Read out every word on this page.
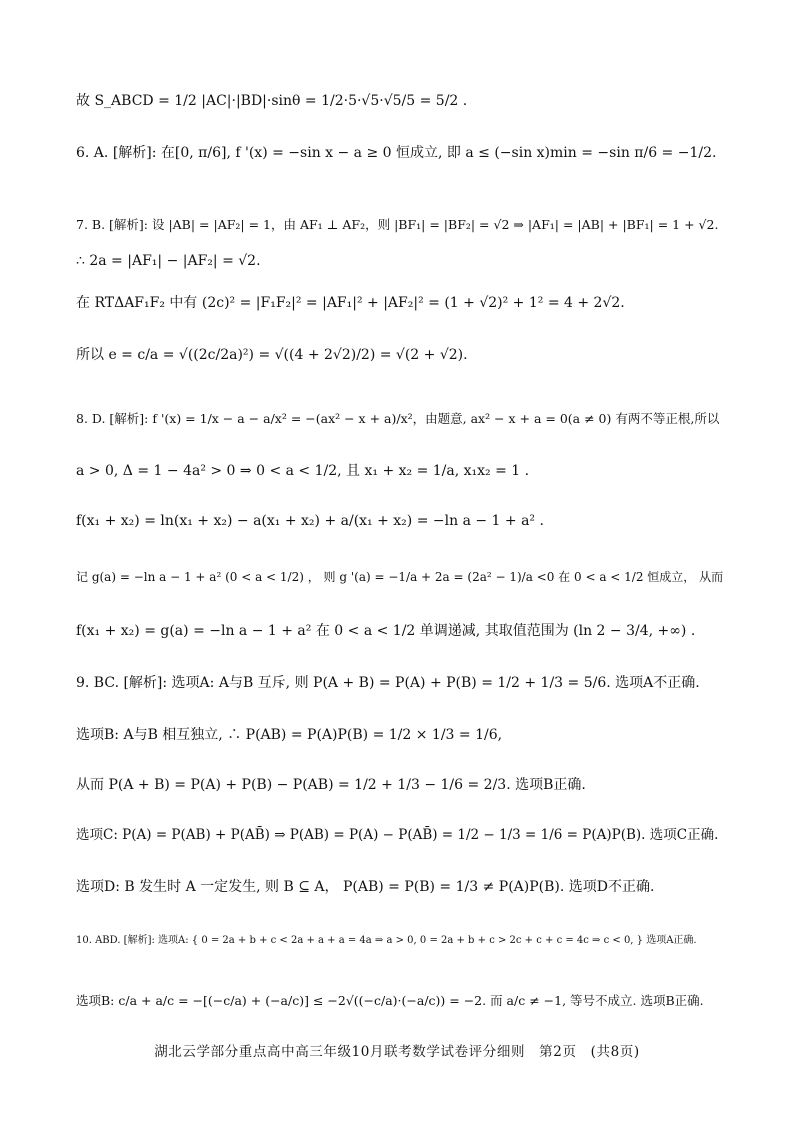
故 S_ABCD = 1/2 |AC|·|BD|·sinθ = 1/2·5·√5·√5/5 = 5/2 .
6. A. [解析]: 在[0, π/6], f '(x) = −sin x − a ≥ 0 恒成立, 即 a ≤ (−sin x)min = −sin π/6 = −1/2.
7. B. [解析]: 设 |AB| = |AF₂| = 1，由 AF₁ ⊥ AF₂，则 |BF₁| = |BF₂| = √2 ⇒ |AF₁| = |AB| + |BF₁| = 1 + √2.
∴ 2a = |AF₁| − |AF₂| = √2.
在 RTΔAF₁F₂ 中有 (2c)² = |F₁F₂|² = |AF₁|² + |AF₂|² = (1 + √2)² + 1² = 4 + 2√2.
所以 e = c/a = √((2c/2a)²) = √((4 + 2√2)/2) = √(2 + √2).
8. D. [解析]: f '(x) = 1/x − a − a/x² = −(ax² − x + a)/x²，由题意, ax² − x + a = 0(a ≠ 0) 有两不等正根,所以
a > 0, Δ = 1 − 4a² > 0 ⇒ 0 < a < 1/2, 且 x₁ + x₂ = 1/a, x₁x₂ = 1 .
f(x₁ + x₂) = ln(x₁ + x₂) − a(x₁ + x₂) + a/(x₁ + x₂) = −ln a − 1 + a² .
记 g(a) = −ln a − 1 + a² (0 < a < 1/2) ， 则 g '(a) = −1/a + 2a = (2a² − 1)/a <0 在 0 < a < 1/2 恒成立， 从而
f(x₁ + x₂) = g(a) = −ln a − 1 + a² 在 0 < a < 1/2 单调递减, 其取值范围为 (ln 2 − 3/4, +∞) .
9. BC. [解析]: 选项A: A与B 互斥, 则 P(A + B) = P(A) + P(B) = 1/2 + 1/3 = 5/6. 选项A不正确.
选项B: A与B 相互独立, ∴ P(AB) = P(A)P(B) = 1/2 × 1/3 = 1/6,
从而 P(A + B) = P(A) + P(B) − P(AB) = 1/2 + 1/3 − 1/6 = 2/3. 选项B正确.
选项C: P(A) = P(AB) + P(AB̄) ⇒ P(AB) = P(A) − P(AB̄) = 1/2 − 1/3 = 1/6 = P(A)P(B). 选项C正确.
选项D: B 发生时 A 一定发生, 则 B ⊆ A， P(AB) = P(B) = 1/3 ≠ P(A)P(B). 选项D不正确.
10. ABD. [解析]: 选项A: { 0 = 2a + b + c < 2a + a + a = 4a ⇒ a > 0, 0 = 2a + b + c > 2c + c + c = 4c ⇒ c < 0, } 选项A正确.
选项B: c/a + a/c = −[(−c/a) + (−a/c)] ≤ −2√((−c/a)·(−a/c)) = −2. 而 a/c ≠ −1, 等号不成立. 选项B正确.
湖北云学部分重点高中高三年级10月联考数学试卷评分细则　第2页　(共8页)
